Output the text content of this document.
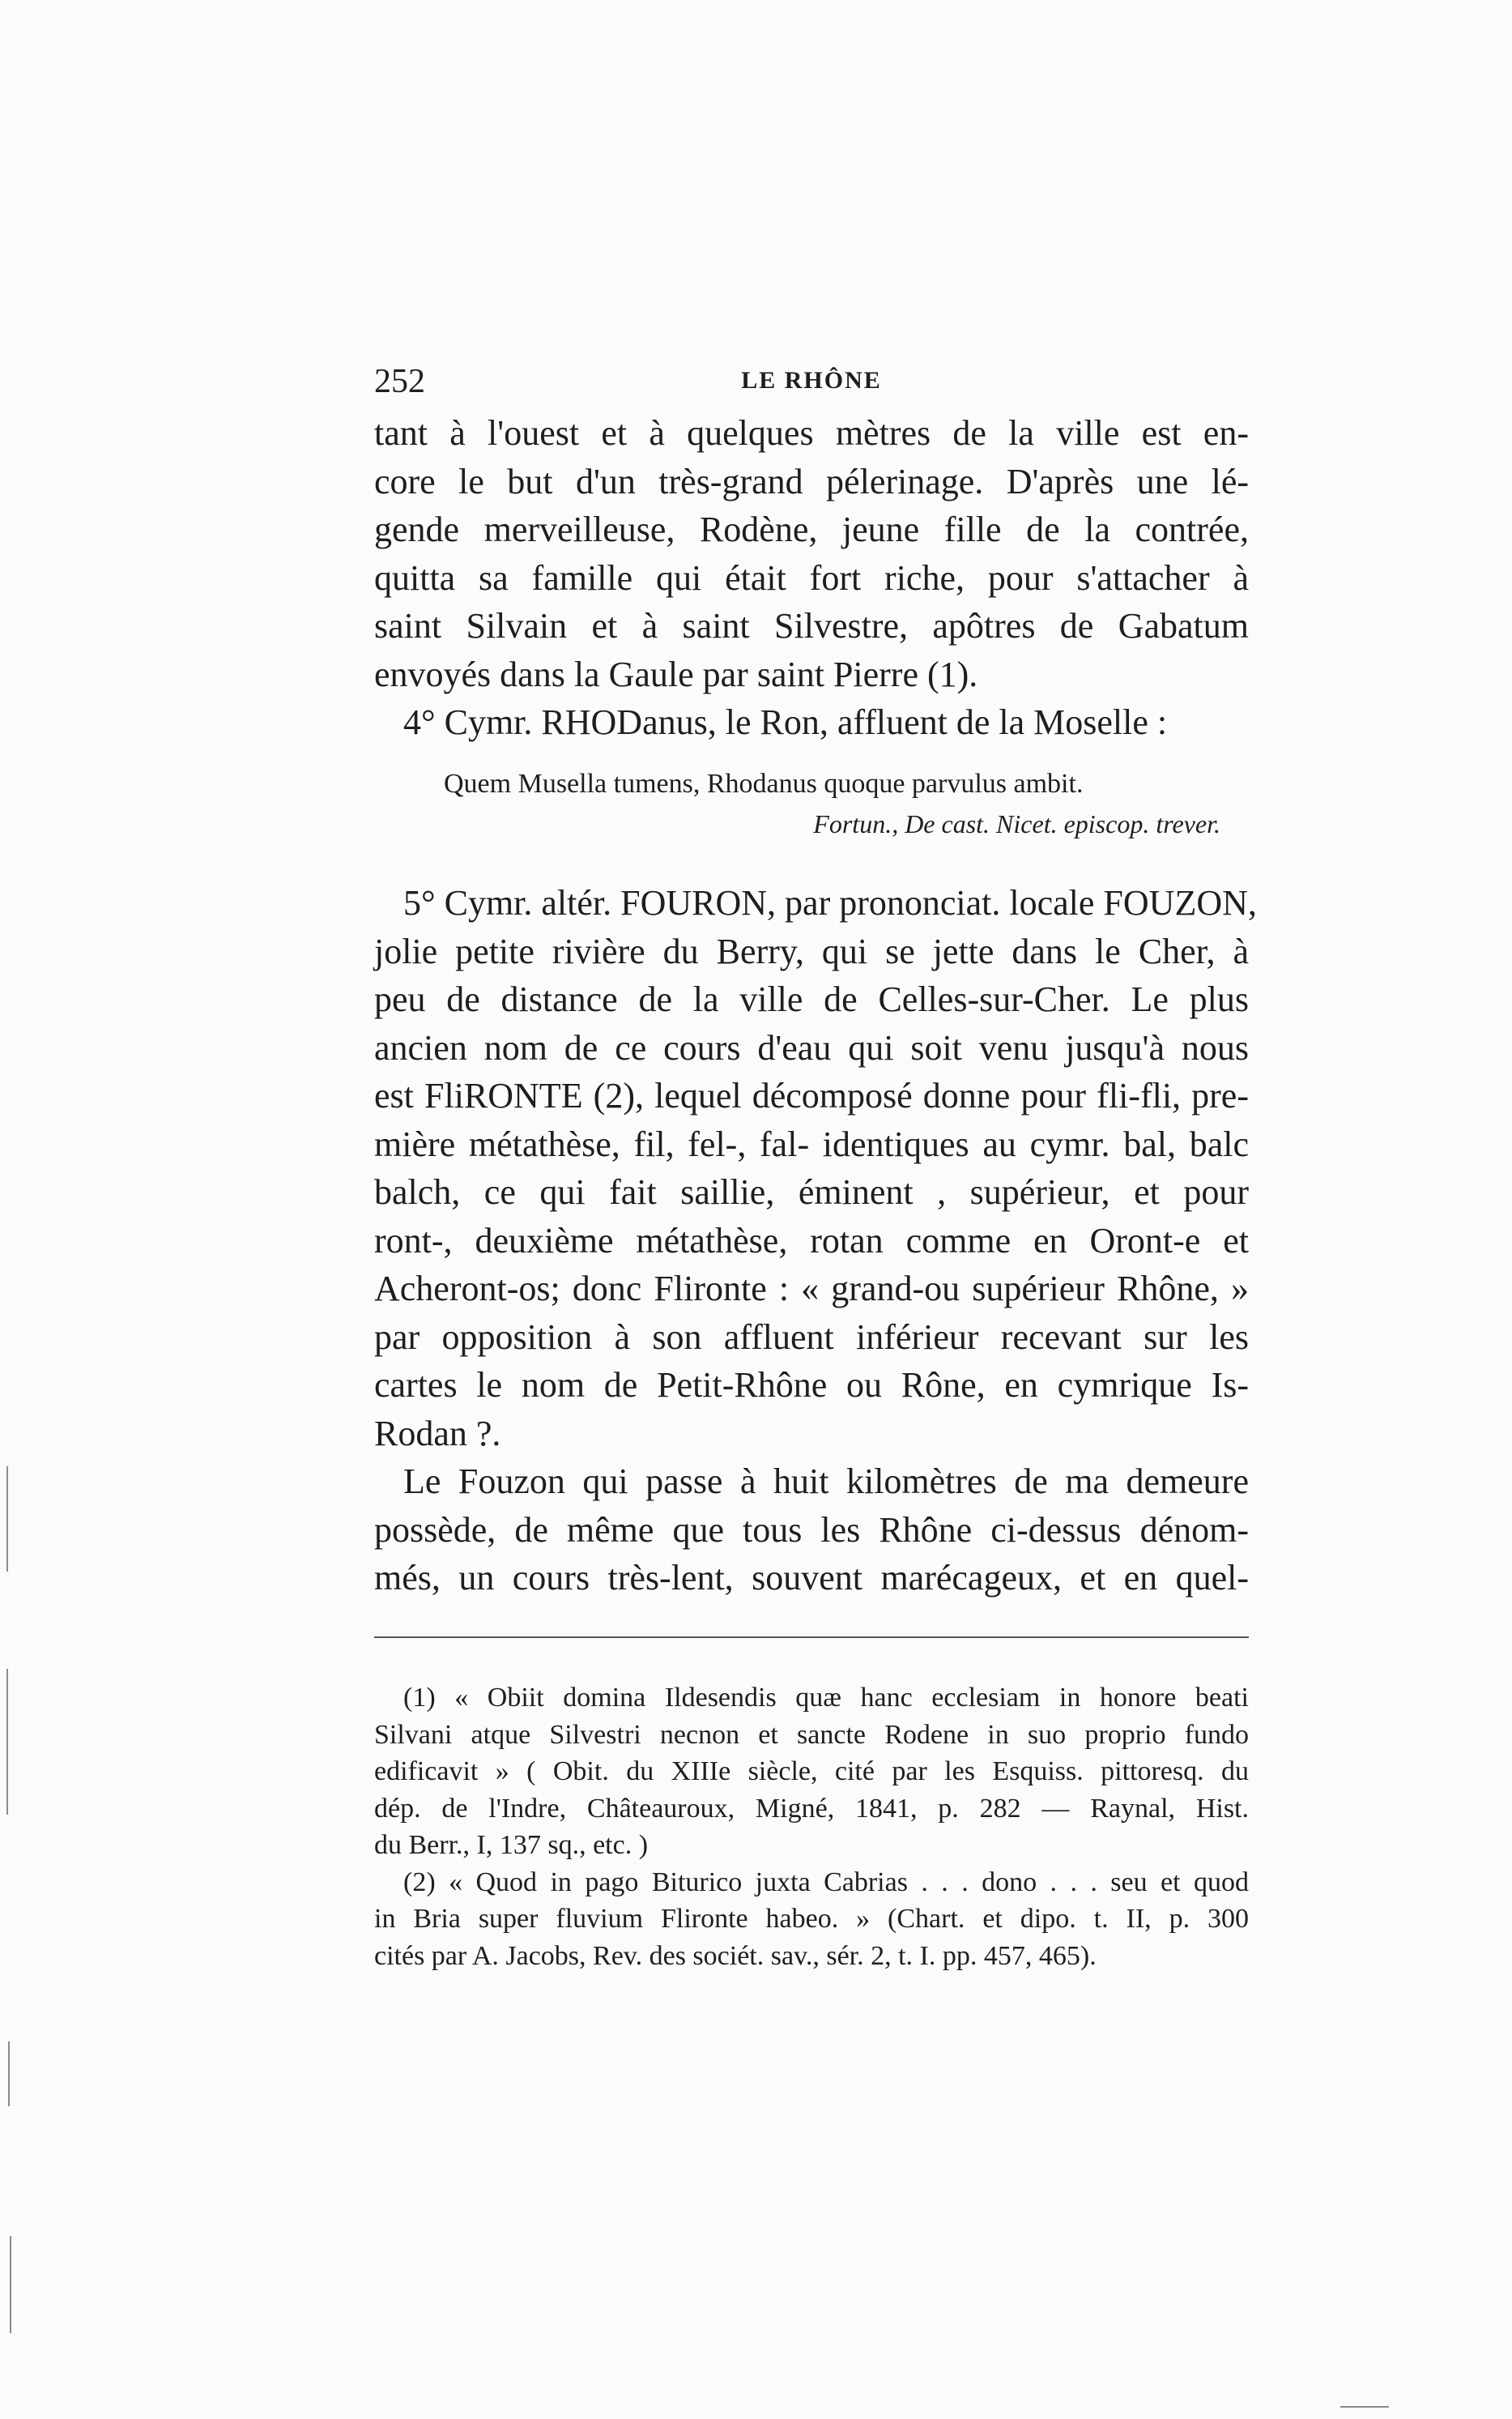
252	LE RHÔNE
tant à l'ouest et à quelques mètres de la ville est en-
core le but d'un très-grand pélerinage. D'après une lé-
gende merveilleuse, Rodène, jeune fille de la contrée,
quitta sa famille qui était fort riche, pour s'attacher à
saint Silvain et à saint Silvestre, apôtres de Gabatum
envoyés dans la Gaule par saint Pierre (1).
4° Cymr. RHODanus, le Ron, affluent de la Moselle :
Quem Musella tumens, Rhodanus quoque parvulus ambit.
Fortun., De cast. Nicet. episcop. trever.
5° Cymr. altér. FOURON, par prononciat. locale FOUZON,
jolie petite rivière du Berry, qui se jette dans le Cher, à
peu de distance de la ville de Celles-sur-Cher. Le plus
ancien nom de ce cours d'eau qui soit venu jusqu'à nous
est FliRONTE (2), lequel décomposé donne pour fli-fli, pre-
mière métathèse, fil, fel-, fal- identiques au cymr. bal, balc
balch, ce qui fait saillie, éminent , supérieur, et pour
ront-, deuxième métathèse, rotan comme en Oront-e et
Acheront-os; donc Flironte : « grand-ou supérieur Rhône, »
par opposition à son affluent inférieur recevant sur les
cartes le nom de Petit-Rhône ou Rône, en cymrique Is-
Rodan ?.
Le Fouzon qui passe à huit kilomètres de ma demeure
possède, de même que tous les Rhône ci-dessus dénom-
més, un cours très-lent, souvent marécageux, et en quel-
(1) « Obiit domina Ildesendis quæ hanc ecclesiam in honore beati
Silvani atque Silvestri necnon et sancte Rodene in suo proprio fundo
edificavit » ( Obit. du XIIIe siècle, cité par les Esquiss. pittoresq. du
dép. de l'Indre, Châteauroux, Migné, 1841, p. 282 — Raynal, Hist.
du Berr., I, 137 sq., etc. )
(2) « Quod in pago Biturico juxta Cabrias . . . dono . . . seu et quod
in Bria super fluvium Flironte habeo. » (Chart. et dipo. t. II, p. 300
cités par A. Jacobs, Rev. des sociét. sav., sér. 2, t. I. pp. 457, 465).
